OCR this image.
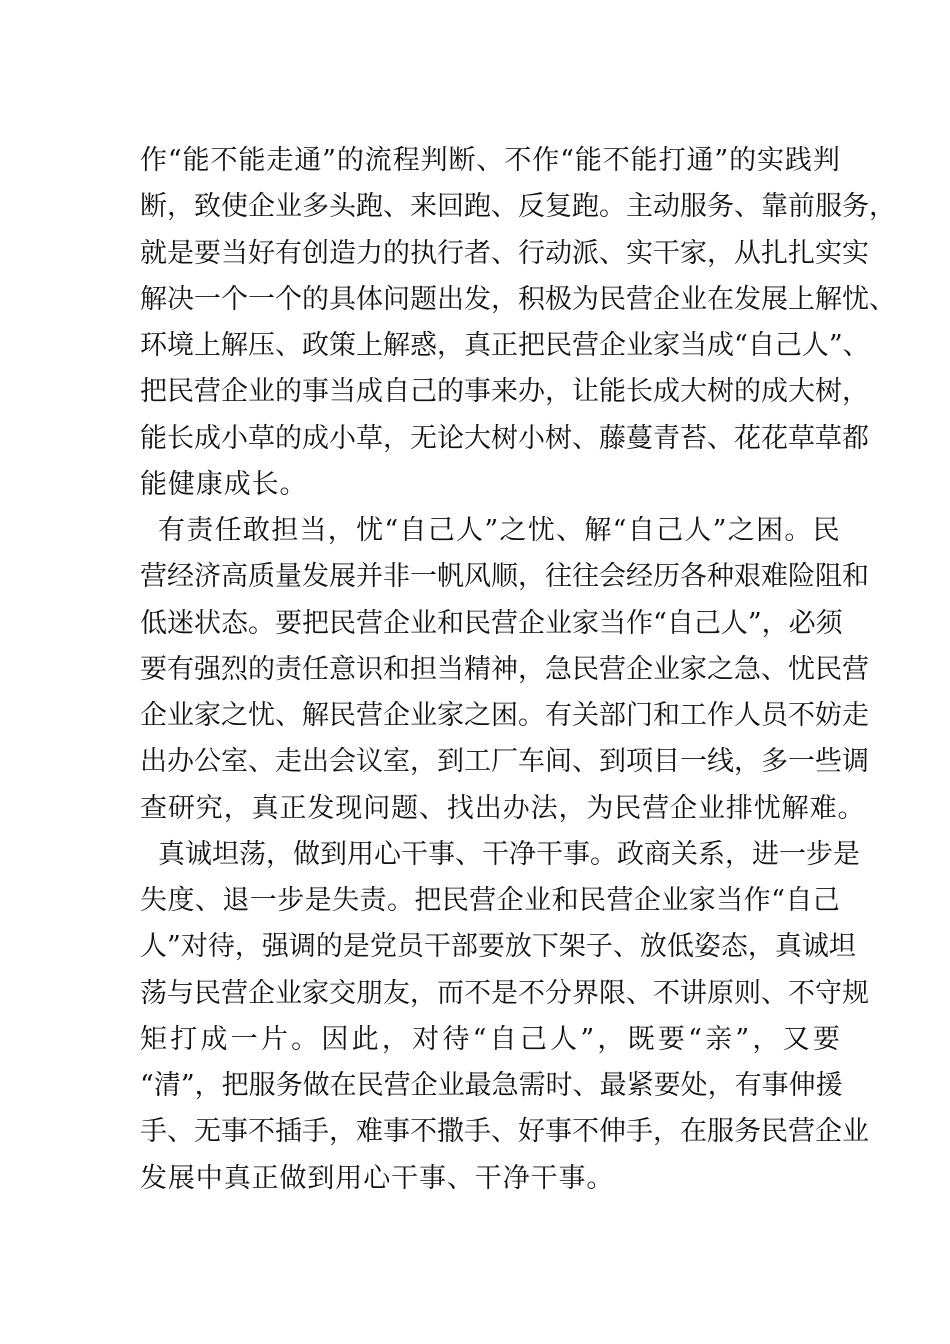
作 “ 能 不 能 走 通 ” 的 流 程 判 断 、 不 作 “ 能 不 能 打 通 ” 的 实 践 判
断 ， 致 使 企 业 多 头 跑 、 来 回 跑 、 反 复 跑 。 主 动 服 务 、 靠 前 服 务 ，
就 是 要 当 好 有 创 造 力 的 执 行 者 、 行 动 派 、 实 干 家 ， 从 扎 扎 实 实
解 决 一 个 一 个 的 具 体 问 题 出 发 ， 积 极 为 民 营 企 业 在 发 展 上 解 忧 、
环 境 上 解 压 、 政 策 上 解 惑 ， 真 正 把 民 营 企 业 家 当 成 “ 自 己 人 ” 、
把 民 营 企 业 的 事 当 成 自 己 的 事 来 办 ， 让 能 长 成 大 树 的 成 大 树 ，
能 长 成 小 草 的 成 小 草 ， 无 论 大 树 小 树 、 藤 蔓 青 苔 、 花 花 草 草 都
能健康成长。
有 责 任 敢 担 当 ， 忧 “ 自 己 人 ” 之 忧 、 解 “ 自 己 人 ” 之 困 。 民
营 经 济 高 质 量 发 展 并 非 一 帆 风 顺 ， 往 往 会 经 历 各 种 艰 难 险 阻 和
低 迷 状 态 。 要 把 民 营 企 业 和 民 营 企 业 家 当 作 “ 自 己 人 ” ， 必 须
要 有 强 烈 的 责 任 意 识 和 担 当 精 神 ， 急 民 营 企 业 家 之 急 、 忧 民 营
企 业 家 之 忧 、 解 民 营 企 业 家 之 困 。 有 关 部 门 和 工 作 人 员 不 妨 走
出 办 公 室 、 走 出 会 议 室 ， 到 工 厂 车 间 、 到 项 目 一 线 ， 多 一 些 调
查研究，真正发现问题、找出办法，为民营企业排忧解难。
真 诚 坦 荡 ， 做 到 用 心 干 事 、 干 净 干 事 。 政 商 关 系 ， 进 一 步 是
失 度 、 退 一 步 是 失 责 。 把 民 营 企 业 和 民 营 企 业 家 当 作 “ 自 己
人 ” 对 待 ， 强 调 的 是 党 员 干 部 要 放 下 架 子 、 放 低 姿 态 ， 真 诚 坦
荡 与 民 营 企 业 家 交 朋 友 ， 而 不 是 不 分 界 限 、 不 讲 原 则 、 不 守 规
矩 打 成 一 片 。 因 此 ， 对 待 “ 自 己 人 ” ， 既 要 “ 亲 ” ， 又 要
“ 清 ” ， 把 服 务 做 在 民 营 企 业 最 急 需 时 、 最 紧 要 处 ， 有 事 伸 援
手 、 无 事 不 插 手 ， 难 事 不 撒 手 、 好 事 不 伸 手 ， 在 服 务 民 营 企 业
发展中真正做到用心干事、干净干事。
